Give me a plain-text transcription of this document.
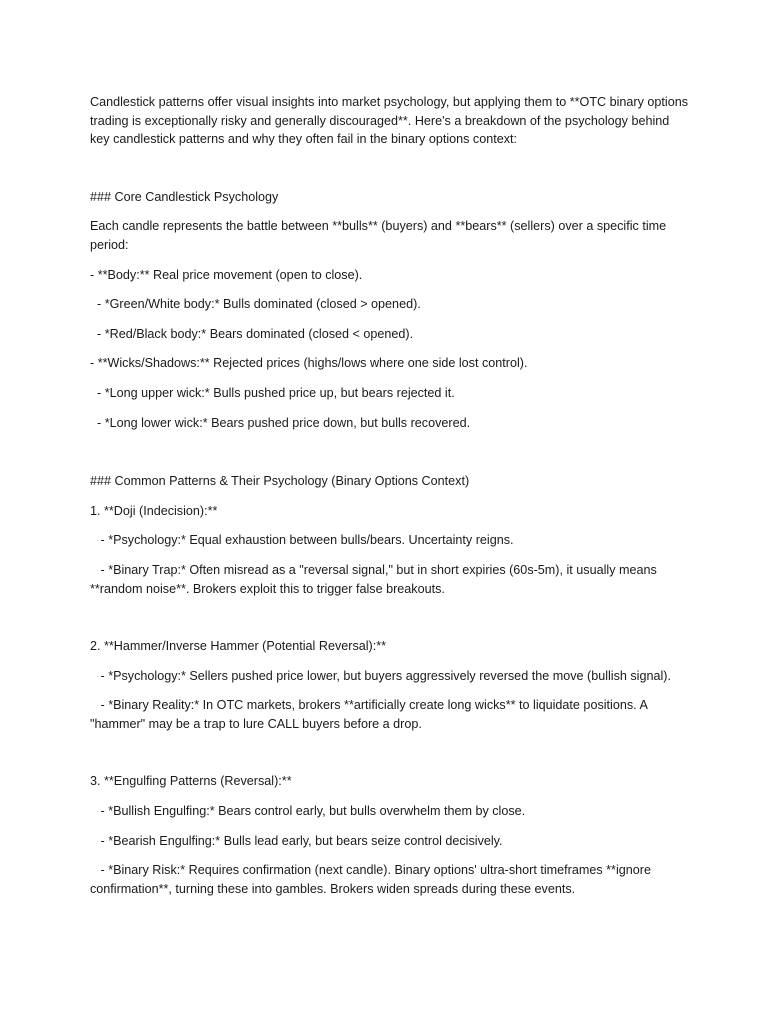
Candlestick patterns offer visual insights into market psychology, but applying them to **OTC binary options trading is exceptionally risky and generally discouraged**. Here's a breakdown of the psychology behind key candlestick patterns and why they often fail in the binary options context:

### Core Candlestick Psychology

Each candle represents the battle between **bulls** (buyers) and **bears** (sellers) over a specific time period:

- **Body:** Real price movement (open to close).

- *Green/White body:* Bulls dominated (closed > opened).

- *Red/Black body:* Bears dominated (closed < opened).

- **Wicks/Shadows:** Rejected prices (highs/lows where one side lost control).

- *Long upper wick:* Bulls pushed price up, but bears rejected it.

- *Long lower wick:* Bears pushed price down, but bulls recovered.

### Common Patterns & Their Psychology (Binary Options Context)

1. **Doji (Indecision):**

- *Psychology:* Equal exhaustion between bulls/bears. Uncertainty reigns.

- *Binary Trap:* Often misread as a "reversal signal," but in short expiries (60s-5m), it usually means **random noise**. Brokers exploit this to trigger false breakouts.

2. **Hammer/Inverse Hammer (Potential Reversal):**

- *Psychology:* Sellers pushed price lower, but buyers aggressively reversed the move (bullish signal).

- *Binary Reality:* In OTC markets, brokers **artificially create long wicks** to liquidate positions. A "hammer" may be a trap to lure CALL buyers before a drop.

3. **Engulfing Patterns (Reversal):**

- *Bullish Engulfing:* Bears control early, but bulls overwhelm them by close.

- *Bearish Engulfing:* Bulls lead early, but bears seize control decisively.

- *Binary Risk:* Requires confirmation (next candle). Binary options' ultra-short timeframes **ignore confirmation**, turning these into gambles. Brokers widen spreads during these events.
